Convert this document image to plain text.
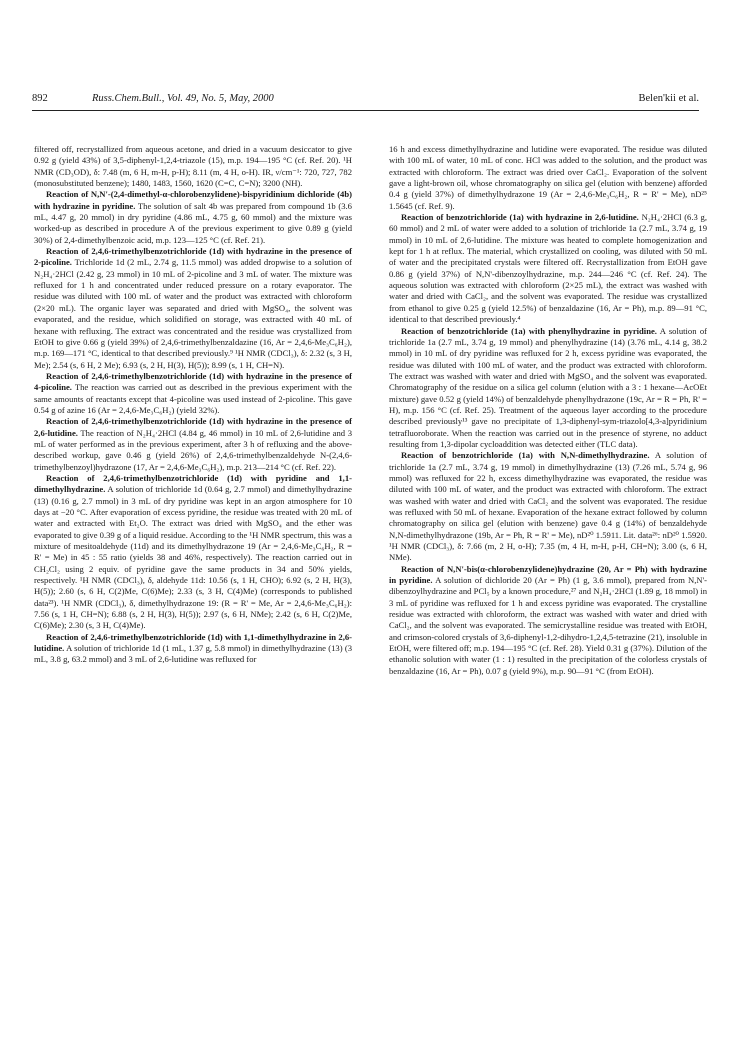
892	Russ.Chem.Bull., Vol. 49, No. 5, May, 2000	Belen'kii et al.

filtered off, recrystallized from aqueous acetone, and dried in a vacuum desiccator to give 0.92 g (yield 43%) of 3,5-diphenyl-1,2,4-triazole (15), m.p. 194—195 °C (cf. Ref. 20). ¹H NMR (CD₃OD), δ: 7.48 (m, 6 H, m-H, p-H); 8.11 (m, 4 H, o-H). IR, ν/cm⁻¹: 720, 727, 782 (monosubstituted benzene); 1480, 1483, 1560, 1620 (C=C, C=N); 3200 (NH).

Reaction of N,N'-(2,4-dimethyl-α-chlorobenzylidene)-bispyridinium dichloride (4b) with hydrazine in pyridine. The solution of salt 4b was prepared from compound 1b (3.6 mL, 4.47 g, 20 mmol) in dry pyridine (4.86 mL, 4.75 g, 60 mmol) and the mixture was worked-up as described in procedure A of the previous experiment to give 0.89 g (yield 30%) of 2,4-dimethylbenzoic acid, m.p. 123—125 °C (cf. Ref. 21).

Reaction of 2,4,6-trimethylbenzotrichloride (1d) with hydrazine in the presence of 2-picoline. Trichloride 1d (2 mL, 2.74 g, 11.5 mmol) was added dropwise to a solution of N₂H₄·2HCl (2.42 g, 23 mmol) in 10 mL of 2-picoline and 3 mL of water. The mixture was refluxed for 1 h and concentrated under reduced pressure on a rotary evaporator. The residue was diluted with 100 mL of water and the product was extracted with chloroform (2×20 mL). The organic layer was separated and dried with MgSO₄, the solvent was evaporated, and the residue, which solidified on storage, was extracted with 40 mL of hexane with refluxing. The extract was concentrated and the residue was crystallized from EtOH to give 0.66 g (yield 39%) of 2,4,6-trimethylbenzaldazine (16, Ar = 2,4,6-Me₃C₆H₂), m.p. 169—171 °C, identical to that described previously.⁹ ¹H NMR (CDCl₃), δ: 2.32 (s, 3 H, Me); 2.54 (s, 6 H, 2 Me); 6.93 (s, 2 H, H(3), H(5)); 8.99 (s, 1 H, CH=N).

Reaction of 2,4,6-trimethylbenzotrichloride (1d) with hydrazine in the presence of 4-picoline. The reaction was carried out as described in the previous experiment with the same amounts of reactants except that 4-picoline was used instead of 2-picoline. This gave 0.54 g of azine 16 (Ar = 2,4,6-Me₃C₆H₂) (yield 32%).

Reaction of 2,4,6-trimethylbenzotrichloride (1d) with hydrazine in the presence of 2,6-lutidine. The reaction of N₂H₄·2HCl (4.84 g, 46 mmol) in 10 mL of 2,6-lutidine and 3 mL of water performed as in the previous experiment, after 3 h of refluxing and the above-described workup, gave 0.46 g (yield 26%) of 2,4,6-trimethylbenzaldehyde N-(2,4,6-trimethylbenzoyl)hydrazone (17, Ar = 2,4,6-Me₃C₆H₂), m.p. 213—214 °C (cf. Ref. 22).

Reaction of 2,4,6-trimethylbenzotrichloride (1d) with pyridine and 1,1-dimethylhydrazine. A solution of trichloride 1d (0.64 g, 2.7 mmol) and dimethylhydrazine (13) (0.16 g, 2.7 mmol) in 3 mL of dry pyridine was kept in an argon atmosphere for 10 days at −20 °C. After evaporation of excess pyridine, the residue was treated with 20 mL of water and extracted with Et₂O. The extract was dried with MgSO₄ and the ether was evaporated to give 0.39 g of a liquid residue. According to the ¹H NMR spectrum, this was a mixture of mesitoaldehyde (11d) and its dimethylhydrazone 19 (Ar = 2,4,6-Me₃C₆H₂, R = R' = Me) in 45 : 55 ratio (yields 38 and 46%, respectively). The reaction carried out in CH₂Cl₂ using 2 equiv. of pyridine gave the same products in 34 and 50% yields, respectively. ¹H NMR (CDCl₃), δ, aldehyde 11d: 10.56 (s, 1 H, CHO); 6.92 (s, 2 H, H(3), H(5)); 2.60 (s, 6 H, C(2)Me, C(6)Me); 2.33 (s, 3 H, C(4)Me) (corresponds to published data²³). ¹H NMR (CDCl₃), δ, dimethylhydrazone 19: (R = R' = Me, Ar = 2,4,6-Me₃C₆H₂): 7.56 (s, 1 H, CH=N); 6.88 (s, 2 H, H(3), H(5)); 2.97 (s, 6 H, NMe); 2.42 (s, 6 H, C(2)Me, C(6)Me); 2.30 (s, 3 H, C(4)Me).

Reaction of 2,4,6-trimethylbenzotrichloride (1d) with 1,1-dimethylhydrazine in 2,6-lutidine. A solution of trichloride 1d (1 mL, 1.37 g, 5.8 mmol) in dimethylhydrazine (13) (3 mL, 3.8 g, 63.2 mmol) and 3 mL of 2,6-lutidine was refluxed for

16 h and excess dimethylhydrazine and lutidine were evaporated. The residue was diluted with 100 mL of water, 10 mL of conc. HCl was added to the solution, and the product was extracted with chloroform. The extract was dried over CaCl₂. Evaporation of the solvent gave a light-brown oil, whose chromatography on silica gel (elution with benzene) afforded 0.4 g (yield 37%) of dimethylhydrazone 19 (Ar = 2,4,6-Me₃C₆H₂, R = R' = Me), nD²⁵ 1.5645 (cf. Ref. 9).

Reaction of benzotrichloride (1a) with hydrazine in 2,6-lutidine. N₂H₄·2HCl (6.3 g, 60 mmol) and 2 mL of water were added to a solution of trichloride 1a (2.7 mL, 3.74 g, 19 mmol) in 10 mL of 2,6-lutidine. The mixture was heated to complete homogenization and kept for 1 h at reflux. The material, which crystallized on cooling, was diluted with 50 mL of water and the precipitated crystals were filtered off. Recrystallization from EtOH gave 0.86 g (yield 37%) of N,N'-dibenzoylhydrazine, m.p. 244—246 °C (cf. Ref. 24). The aqueous solution was extracted with chloroform (2×25 mL), the extract was washed with water and dried with CaCl₂, and the solvent was evaporated. The residue was crystallized from ethanol to give 0.25 g (yield 12.5%) of benzaldazine (16, Ar = Ph), m.p. 89—91 °C, identical to that described previously.⁴

Reaction of benzotrichloride (1a) with phenylhydrazine in pyridine. A solution of trichloride 1a (2.7 mL, 3.74 g, 19 mmol) and phenylhydrazine (14) (3.76 mL, 4.14 g, 38.2 mmol) in 10 mL of dry pyridine was refluxed for 2 h, excess pyridine was evaporated, the residue was diluted with 100 mL of water, and the product was extracted with chloroform. The extract was washed with water and dried with MgSO₄ and the solvent was evaporated. Chromatography of the residue on a silica gel column (elution with a 3 : 1 hexane—AcOEt mixture) gave 0.52 g (yield 14%) of benzaldehyde phenylhydrazone (19c, Ar = R = Ph, R' = H), m.p. 156 °C (cf. Ref. 25). Treatment of the aqueous layer according to the procedure described previously¹³ gave no precipitate of 1,3-diphenyl-sym-triazolo[4,3-a]pyridinium tetrafluoroborate. When the reaction was carried out in the presence of styrene, no adduct resulting from 1,3-dipolar cycloaddition was detected either (TLC data).

Reaction of benzotrichloride (1a) with N,N-dimethylhydrazine. A solution of trichloride 1a (2.7 mL, 3.74 g, 19 mmol) in dimethylhydrazine (13) (7.26 mL, 5.74 g, 96 mmol) was refluxed for 22 h, excess dimethylhydrazine was evaporated, the residue was diluted with 100 mL of water, and the product was extracted with chloroform. The extract was washed with water and dried with CaCl₂ and the solvent was evaporated. The residue was refluxed with 50 mL of hexane. Evaporation of the hexane extract followed by column chromatography on silica gel (elution with benzene) gave 0.4 g (14%) of benzaldehyde N,N-dimethylhydrazone (19b, Ar = Ph, R = R' = Me), nD²⁰ 1.5911. Lit. data²⁶: nD²⁰ 1.5920. ¹H NMR (CDCl₃), δ: 7.66 (m, 2 H, o-H); 7.35 (m, 4 H, m-H, p-H, CH=N); 3.00 (s, 6 H, NMe).

Reaction of N,N'-bis(α-chlorobenzylidene)hydrazine (20, Ar = Ph) with hydrazine in pyridine. A solution of dichloride 20 (Ar = Ph) (1 g, 3.6 mmol), prepared from N,N'-dibenzoylhydrazine and PCl₅ by a known procedure,²⁷ and N₂H₄·2HCl (1.89 g, 18 mmol) in 3 mL of pyridine was refluxed for 1 h and excess pyridine was evaporated. The crystalline residue was extracted with chloroform, the extract was washed with water and dried with CaCl₂, and the solvent was evaporated. The semicrystalline residue was treated with EtOH, and crimson-colored crystals of 3,6-diphenyl-1,2-dihydro-1,2,4,5-tetrazine (21), insoluble in EtOH, were filtered off; m.p. 194—195 °C (cf. Ref. 28). Yield 0.31 g (37%). Dilution of the ethanolic solution with water (1 : 1) resulted in the precipitation of the colorless crystals of benzaldazine (16, Ar = Ph), 0.07 g (yield 9%), m.p. 90—91 °C (from EtOH).
